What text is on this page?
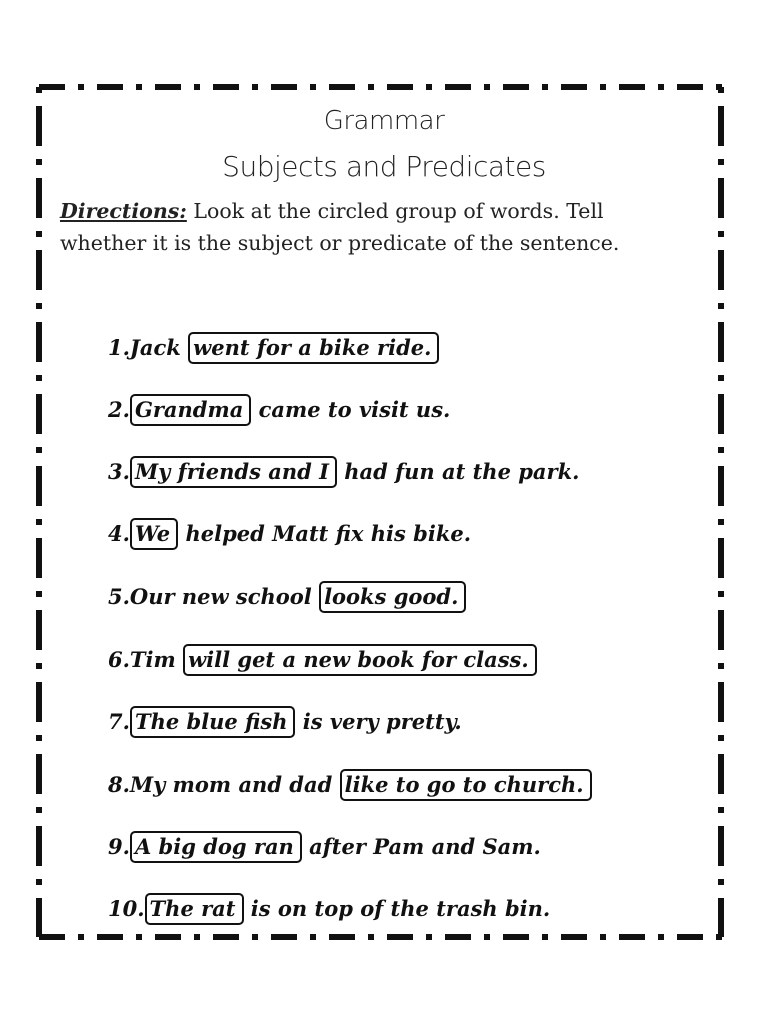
Grammar
Subjects and Predicates
Directions: Look at the circled group of words. Tell whether it is the subject or predicate of the sentence.
1.Jack went for a bike ride.
2. Grandma came to visit us.
3. My friends and I had fun at the park.
4. We helped Matt fix his bike.
5.Our new school looks good.
6.Tim will get a new book for class.
7. The blue fish is very pretty.
8.My mom and dad like to go to church.
9. A big dog ran after Pam and Sam.
10. The rat is on top of the trash bin.
